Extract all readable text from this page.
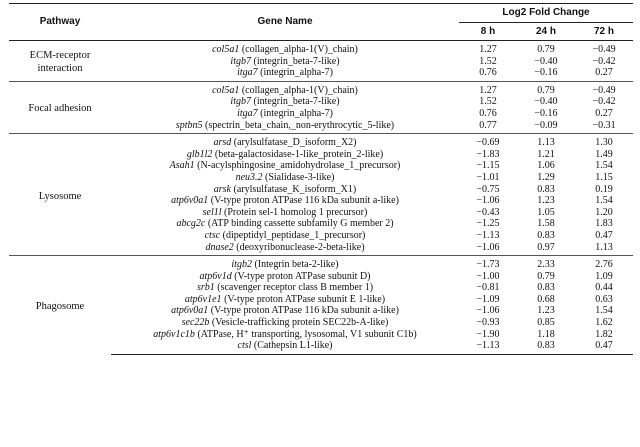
Pathway	Gene Name	Log2 Fold Change		
		8 h	24 h	72 h
ECM-receptor interaction	col5a1 (collagen_alpha-1(V)_chain)	1.27	0.79	−0.49
	itgb7 (integrin_beta-7-like)	1.52	−0.40	−0.42
	itga7 (integrin_alpha-7)	0.76	−0.16	0.27
Focal adhesion	col5a1 (collagen_alpha-1(V)_chain)	1.27	0.79	−0.49
	itgb7 (integrin_beta-7-like)	1.52	−0.40	−0.42
	itga7 (integrin_alpha-7)	0.76	−0.16	0.27
	sptbn5 (spectrin_beta_chain,_non-erythrocytic_5-like)	0.77	−0.09	−0.31
Lysosome	arsd (arylsulfatase_D_isoform_X2)	−0.69	1.13	1.30
	glb1l2 (beta-galactosidase-1-like_protein_2-like)	−1.83	1.21	1.49
	Asah1 (N-acylsphingosine_amidohydrolase_1_precursor)	−1.15	1.06	1.54
	neu3.2 (Sialidase-3-like)	−1.01	1.29	1.15
	arsk (arylsulfatase_K_isoform_X1)	−0.75	0.83	0.19
	atp6v0a1 (V-type proton ATPase 116 kDa subunit a-like)	−1.06	1.23	1.54
	sel1l (Protein sel-1 homolog 1 precursor)	−0.43	1.05	1.20
	abcg2c (ATP binding cassette subfamily G member 2)	−1.25	1.58	1.83
	ctsc (dipeptidyl_peptidase_1_precursor)	−1.13	0.83	0.47
	dnase2 (deoxyribonuclease-2-beta-like)	−1.06	0.97	1.13
Phagosome	itgb2 (Integrin beta-2-like)	−1.73	2.33	2.76
	atp6v1d (V-type proton ATPase subunit D)	−1.00	0.79	1.09
	srb1 (scavenger receptor class B member 1)	−0.81	0.83	0.44
	atp6v1e1 (V-type proton ATPase subunit E 1-like)	−1.09	0.68	0.63
	atp6v0a1 (V-type proton ATPase 116 kDa subunit a-like)	−1.06	1.23	1.54
	sec22b (Vesicle-trafficking protein SEC22b-A-like)	−0.93	0.85	1.62
	atp6v1c1b (ATPase, H⁺ transporting, lysosomal, V1 subunit C1b)	−1.90	1.18	1.82
	ctsl (Cathepsin L1-like)	−1.13	0.83	0.47
